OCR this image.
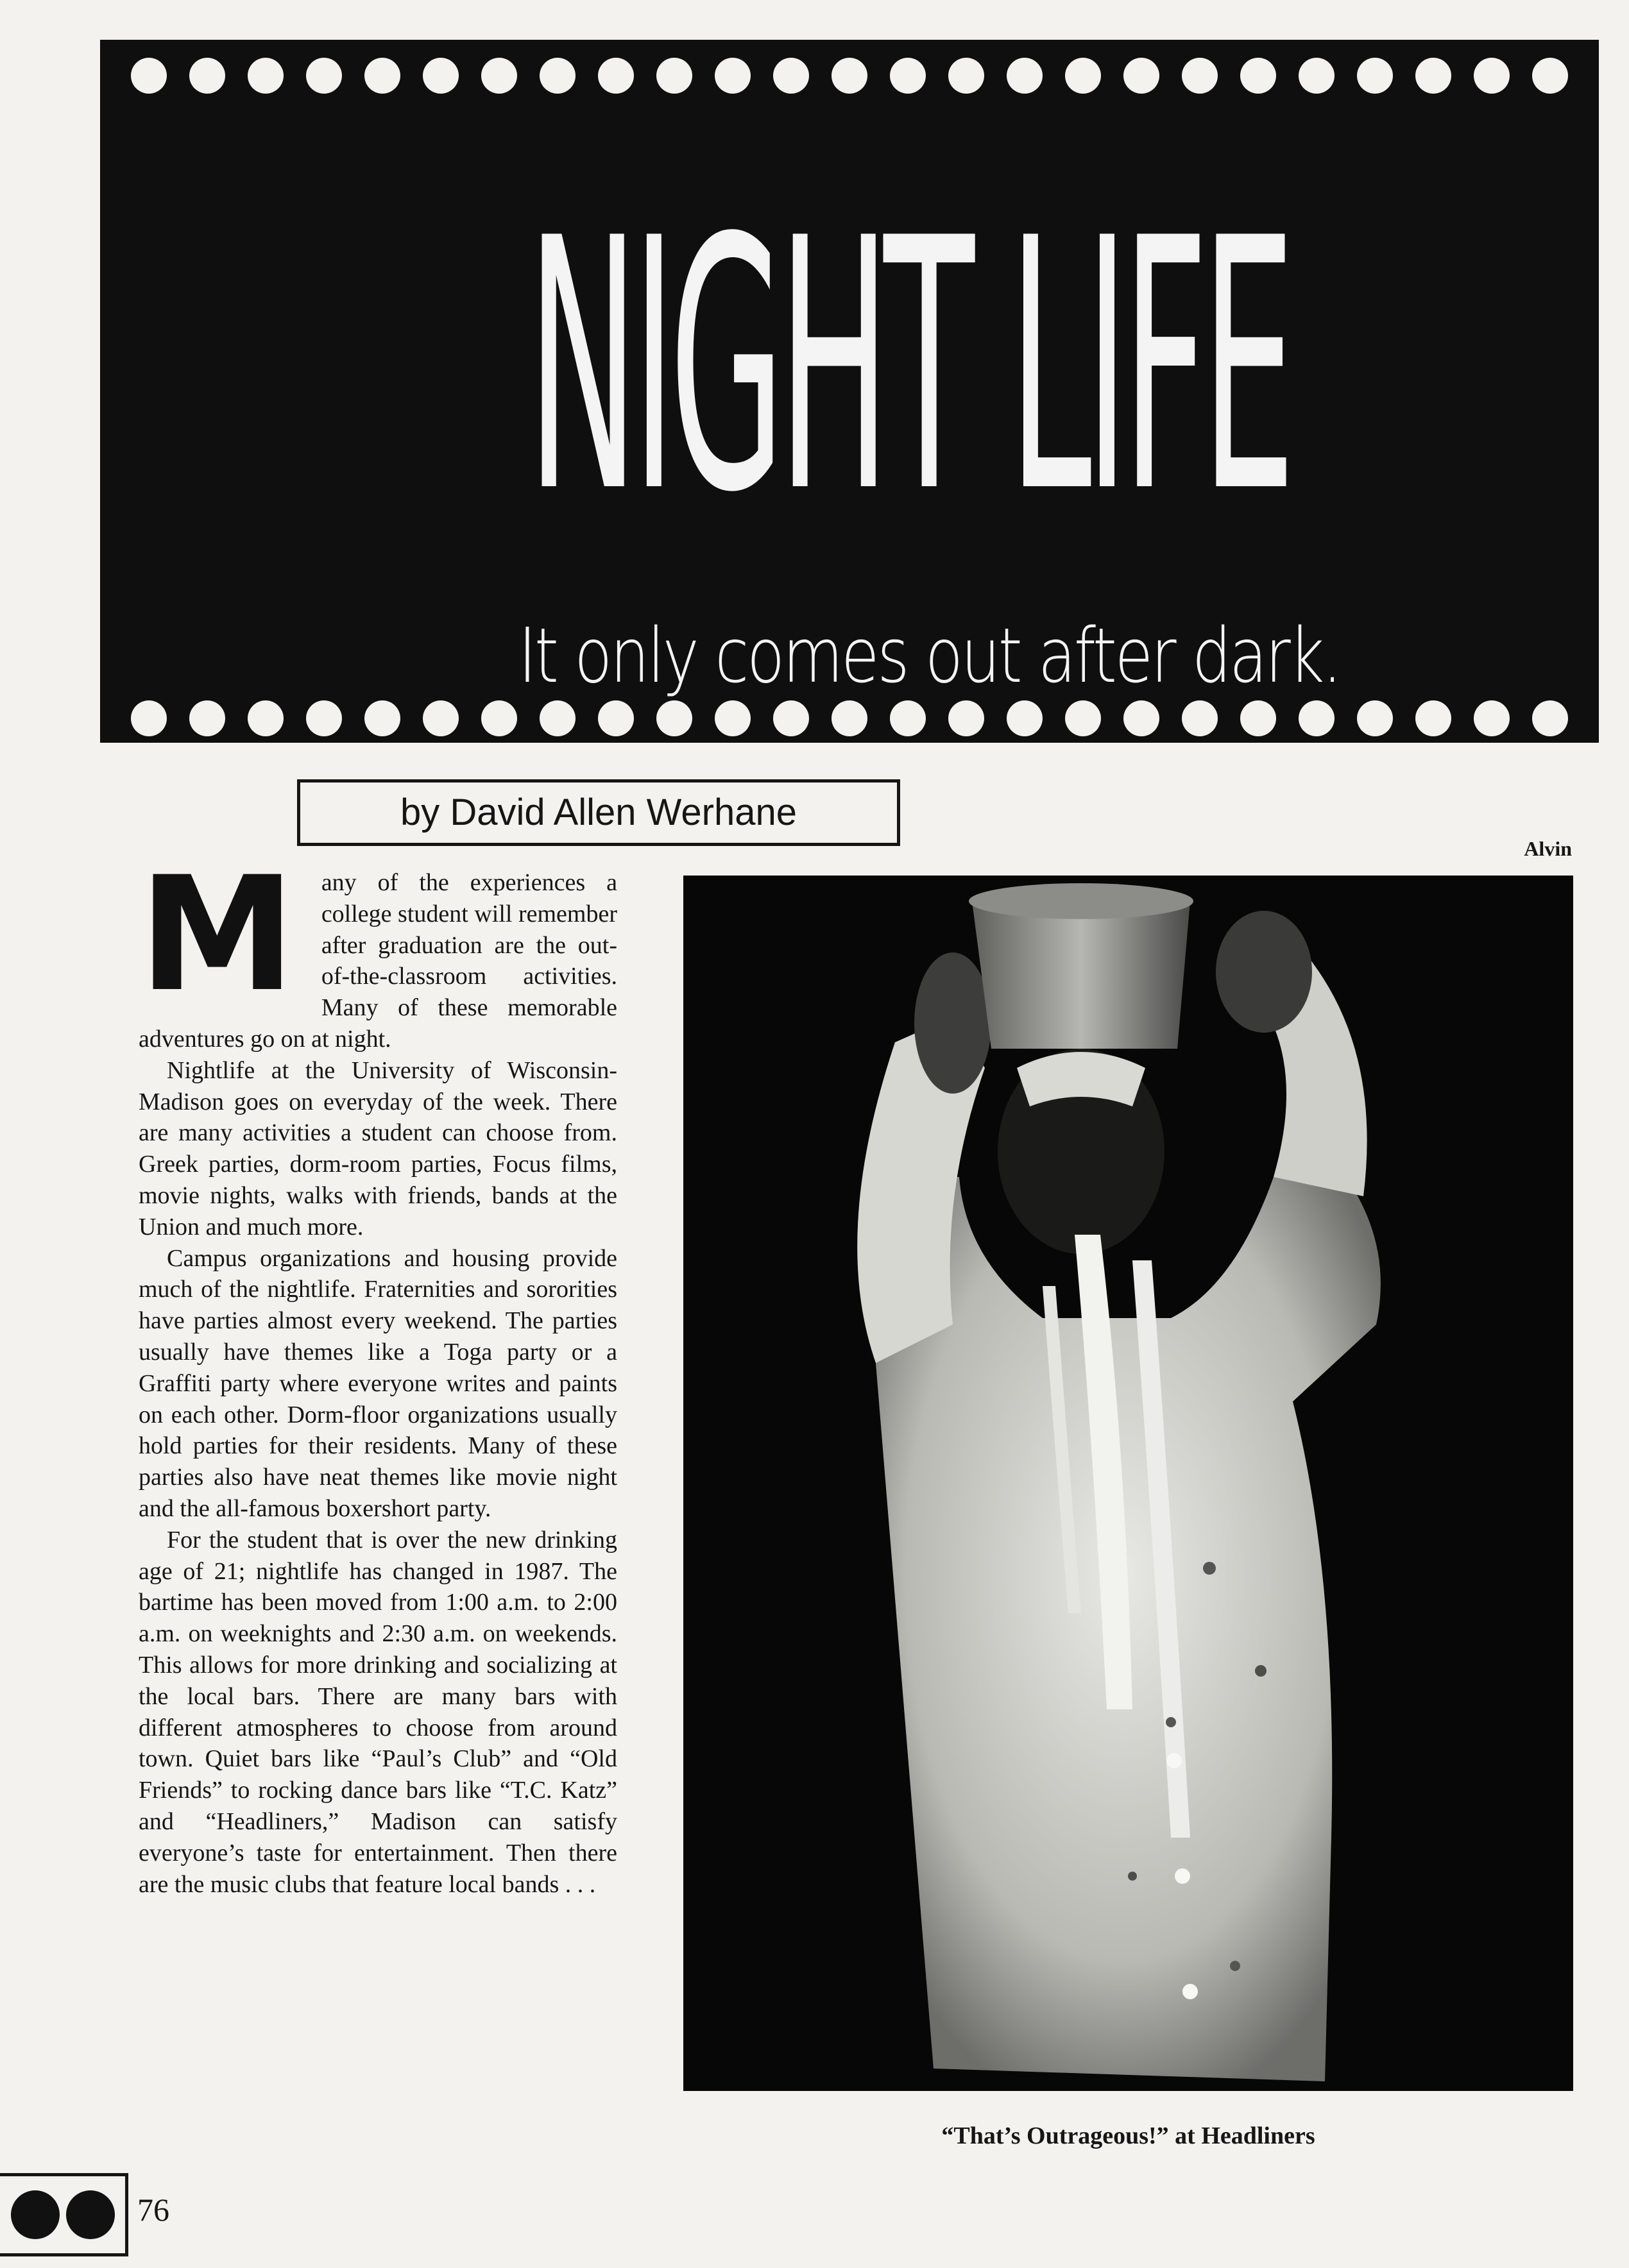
NIGHT LIFE
It only comes out after dark.
by David Allen Werhane
Alvin

M any of the experiences a college student will remember after graduation are the out-of-the-classroom activities. Many of these memorable adventures go on at night.

Nightlife at the University of Wisconsin-Madison goes on everyday of the week. There are many activities a student can choose from. Greek parties, dorm-room parties, Focus films, movie nights, walks with friends, bands at the Union and much more.

Campus organizations and housing provide much of the nightlife. Fraternities and sororities have parties almost every weekend. The parties usually have themes like a Toga party or a Graffiti party where everyone writes and paints on each other. Dorm-floor organizations usually hold parties for their residents. Many of these parties also have neat themes like movie night and the all-famous boxershort party.

For the student that is over the new drinking age of 21; nightlife has changed in 1987. The bartime has been moved from 1:00 a.m. to 2:00 a.m. on weeknights and 2:30 a.m. on weekends. This allows for more drinking and socializing at the local bars. There are many bars with different atmospheres to choose from around town. Quiet bars like “Paul’s Club” and “Old Friends” to rocking dance bars like “T.C. Katz” and “Headliners,” Madison can satisfy everyone’s taste for entertainment. Then there are the music clubs that feature local bands . . .

“That’s Outrageous!” at Headliners
76
